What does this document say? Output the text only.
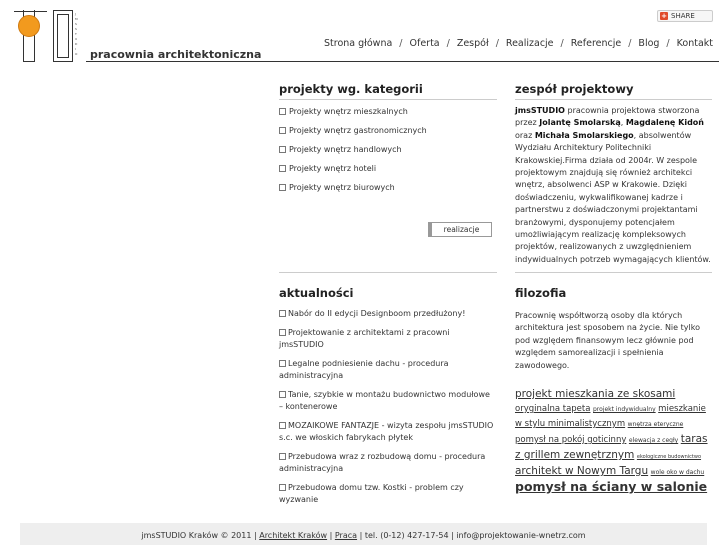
J
M
S
S
T
U
D
I
O pracownia architektoniczna
+ SHARE
Strona główna / Oferta / Zespół / Realizacje / Referencje / Blog / Kontakt
projekty wg. kategorii
Projekty wnętrz mieszkalnych
Projekty wnętrz gastronomicznych
Projekty wnętrz handlowych
Projekty wnętrz hoteli
Projekty wnętrz biurowych
realizacje
aktualności
Nabór do II edycji Designboom przedłużony!
Projektowanie z architektami z pracowni jmsSTUDIO
Legalne podniesienie dachu - procedura administracyjna
Tanie, szybkie w montażu budownictwo modułowe – kontenerowe
MOZAIKOWE FANTAZJE - wizyta zespołu jmsSTUDIO s.c. we włoskich fabrykach płytek
Przebudowa wraz z rozbudową domu - procedura administracyjna
Przebudowa domu tzw. Kostki - problem czy wyzwanie
zespół projektowy
jmsSTUDIO pracownia projektowa stworzona przez Jolantę Smolarską, Magdalenę Kidoń oraz Michała Smolarskiego, absolwentów Wydziału Architektury Politechniki Krakowskiej.Firma działa od 2004r. W zespole projektowym znajdują się również architekci wnętrz, absolwenci ASP w Krakowie. Dzięki doświadczeniu, wykwalifikowanej kadrze i partnerstwu z doświadczonymi projektantami branżowymi, dysponujemy potencjałem umożliwiającym realizację kompleksowych projektów, realizowanych z uwzględnieniem indywidualnych potrzeb wymagających klientów.
filozofia
Pracownię współtworzą osoby dla których architektura jest sposobem na życie. Nie tylko pod względem finansowym lecz głównie pod względem samorealizacji i spełnienia zawodowego.
projekt mieszkania ze skosami oryginalna tapeta projekt indywidualny mieszkanie w stylu minimalistycznym wnętrza eteryczne pomysł na pokój goticinny elewacja z cegły taras z grillem zewnętrznym ekologiczne budownictwo architekt w Nowym Targu wole oko w dachu pomysł na ściany w salonie
jmsSTUDIO Kraków © 2011 | Architekt Kraków | Praca | tel. (0-12) 427-17-54 | info@projektowanie-wnetrz.com
